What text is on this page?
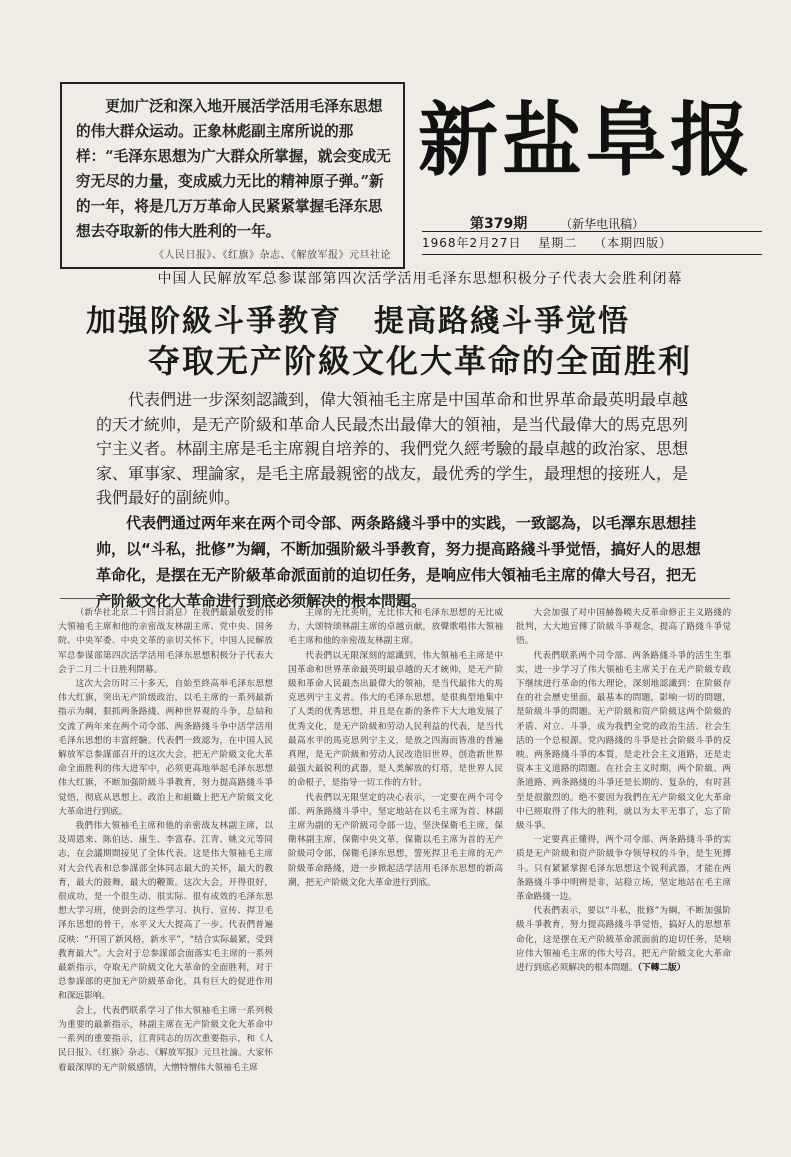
更加广泛和深入地开展活学活用毛泽东思想的伟大群众运动。正象林彪副主席所说的那样：“毛泽东思想为广大群众所掌握，就会变成无穷无尽的力量，变成威力无比的精神原子弹。”新的一年，将是几万万革命人民紧紧掌握毛泽东思想去夺取新的伟大胜利的一年。

《人民日报》、《红旗》杂志、《解放军报》元旦社论
新盐阜报
第379期	（新华电讯稿）
1968年2月27日 星期二 （本期四版）
中国人民解放军总参谋部第四次活学活用毛泽东思想积极分子代表大会胜利闭幕
加强阶級斗爭教育　提高路綫斗爭觉悟
夺取无产阶級文化大革命的全面胜利

代表們进一步深刻認識到，偉大領袖毛主席是中国革命和世界革命最英明最卓越的天才統帅，是无产阶級和革命人民最杰出最偉大的領袖，是当代最偉大的馬克思列宁主义者。林副主席是毛主席親自培养的、我們党久經考驗的最卓越的政治家、思想家、軍事家、理論家，是毛主席最親密的战友，最优秀的学生，最理想的接班人，是我們最好的副統帅。

代表們通过两年来在两个司令部、两条路綫斗爭中的实践，一致認為，以毛澤东思想挂帅，以“斗私，批修”为綱，不断加强阶級斗爭教育，努力提高路綫斗爭觉悟，搞好人的思想革命化，是摆在无产阶級革命派面前的迫切任务，是响应伟大領袖毛主席的偉大号召，把无产阶級文化大革命进行到底必须解决的根本問題。

（新华社北京二十四日消息）在我們最最敬爱的伟大領袖毛主席和他的亲密战友林副主席、党中央、国务院、中央军委、中央文革的亲切关怀下，中国人民解放军总参谋部第四次活学活用毛泽东思想积极分子代表大会于二月二十日胜利閉幕。

这次大会历时三十多天，自始至終高举毛泽东思想伟大红旗，突出无产阶级政治，以毛主席的一系列最新指示为綱，狠抓两条路綫、两种世界观的斗争，总結和交流了两年来在两个司令部、两条路綫斗争中活学活用毛泽东思想的丰富經驗。代表們一致認为，在中国人民解放军总参謀部召开的这次大会，把无产阶級文化大革命全面胜利的伟大进军中，必须更高地举起毛泽东思想伟大红旗，不断加强阶級斗爭教育，努力提高路綫斗爭觉悟，彻底从思想上、政治上和組織上把无产阶級文化大革命进行到底。

我們伟大領袖毛主席和他的亲密战友林副主席，以及周恩来、陈伯达、康生、李富春、江青、姚文元等同志，在会議期間接见了全体代表。这是伟大領袖毛主席对大会代表和总参謀部全体同志最大的关怀，最大的教育，最大的鼓舞，最大的鞭策。这次大会，开得很好，很成功，是一个很生动、很实际、很有成效的毛泽东思想大学习班，使到会的这些学习、执行、宣传、捍卫毛泽东思想的骨干，水平又大大提高了一步。代表們普遍反映：“开国了新风格，新水平”，“结合实际最紧，受到教育最大”。大会对于总参謀部会面落实毛主席的一系列最新指示，夺取无产阶級文化大革命的全面胜利，对于总参謀部的更加无产阶級革命化，具有巨大的促进作用和深远影响。

会上，代表們联系学习了伟大領袖毛主席一系列极为重要的最新指示，林副主席在无产阶級文化大革命中一系列的重要指示，江青同志的历次重要指示，和《人民日报》、《红旗》杂志、《解放军报》元旦社論。大家怀着最深厚的无产阶級感情，大憎特憎伟大領袖毛主席

主席的无比英明，无比伟大和毛泽东思想的无比威力，大颂特颂林副主席的卓越贡献，放聲歌唱伟大領袖毛主席和他的亲密战友林副主席。

代表們以无限深刻的認識到，伟大領袖毛主席是中国革命和世界革命最英明最卓越的天才統帅，是无产阶級和革命人民最杰出最偉大的領袖，是当代最伟大的馬克思列宁主义者。伟大的毛泽东思想，是很典型地集中了人类的优秀思想，并且是在新的条件下大大地发展了优秀文化，是无产阶級和劳动人民利益的代表，是当代最高水平的馬克思列宁主义，是放之四海而皆准的普遍真理，是无产阶級和劳动人民改造旧世界，创造新世界最强大最锐利的武器，是人类解放的灯塔，是世界人民的命根子，是指导一切工作的方针。

代表們以无限坚定的决心表示，一定要在两个司令部、两条路綫斗爭中，坚定地站在以毛主席为首、林副主席为副的无产阶級司令部一边，坚決保衛毛主席，保衛林副主席，保衛中央文革，保衛以毛主席为首的无产阶級司令部，保衛毛泽东思想，誓死捍卫毛主席的无产阶級革命路綫，进一步掀起活学活用毛泽东思想的新高潮，把无产阶級文化大革命进行到底。

大会加强了对中国赫魯曉夫反革命修正主义路綫的批判，大大地宣傳了阶級斗爭观念，提高了路綫斗爭觉悟。

代表們联系两个司令部、两条路綫斗爭的活生生事实，进一步学习了伟大領袖毛主席关于在无产阶級专政下继续进行革命的伟大理论，深刻地認識到：在阶級存在的社会歷史里面，最基本的問題，影响一切的問題，是阶級斗爭的問題。无产阶級和资产阶級这两个阶級的矛盾、对立、斗爭，成为我們全党的政治生活、社会生活的一个总根源。党內路綫的斗爭是社会阶級斗爭的反映。两条路綫斗爭的本質，是走社会主义道路，还是走资本主义道路的問題。在社会主义时期，两个阶級、两条道路、两条路綫的斗爭还是长期的、复杂的，有时甚至是很激烈的。绝不要因为我們在无产阶級文化大革命中已經取得了伟大的胜利，就以为太平无事了，忘了阶級斗爭。

一定要真正懂得，两个司令部、两条路綫斗爭的实质是无产阶級和资产阶級争夺领导权的斗争，是生死搏斗。只有紧紧掌握毛泽东思想这个锐利武器，才能在两条路綫斗爭中明辨是非，站稳立场，坚定地站在毛主席革命路綫一边。

代表們表示，要以“斗私，批修”为綱，不断加强阶級斗爭教育，努力提高路綫斗爭觉悟，搞好人的思想革命化，这是摆在无产阶級革命派面前的迫切任务，是响应伟大領袖毛主席的伟大号召，把无产阶級文化大革命进行到底必须解决的根本問題。（下轉二版）
